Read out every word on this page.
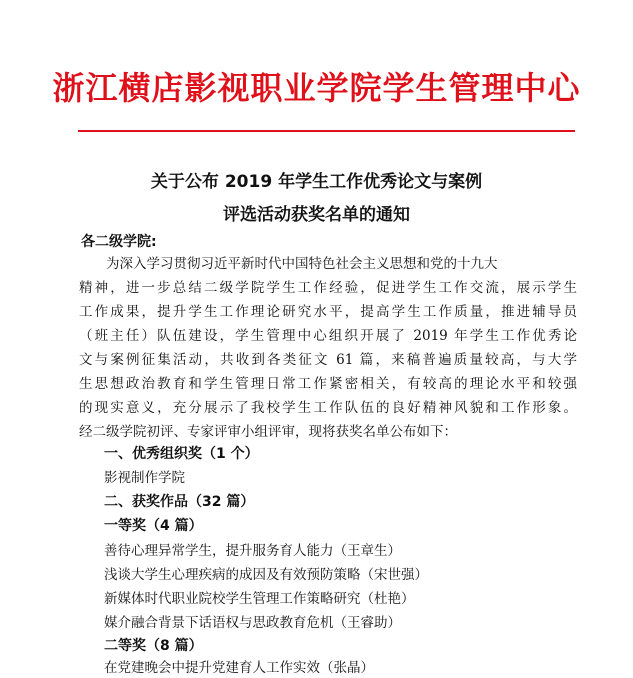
浙江横店影视职业学院学生管理中心
关于公布 2019 年学生工作优秀论文与案例
评选活动获奖名单的通知
各二级学院:
为深入学习贯彻习近平新时代中国特色社会主义思想和党的十九大
精神，进一步总结二级学院学生工作经验，促进学生工作交流，展示学生
工作成果，提升学生工作理论研究水平，提高学生工作质量，推进辅导员
（班主任）队伍建设，学生管理中心组织开展了 2019 年学生工作优秀论
文与案例征集活动，共收到各类征文 61 篇，来稿普遍质量较高，与大学
生思想政治教育和学生管理日常工作紧密相关，有较高的理论水平和较强
的现实意义，充分展示了我校学生工作队伍的良好精神风貌和工作形象。
经二级学院初评、专家评审小组评审，现将获奖名单公布如下：
一、优秀组织奖（1 个）
影视制作学院
二、获奖作品（32 篇）
一等奖（4 篇）
善待心理异常学生，提升服务育人能力（王章生）
浅谈大学生心理疾病的成因及有效预防策略（宋世强）
新媒体时代职业院校学生管理工作策略研究（杜艳）
媒介融合背景下话语权与思政教育危机（王睿助）
二等奖（8 篇）
在党建晚会中提升党建育人工作实效（张晶）
